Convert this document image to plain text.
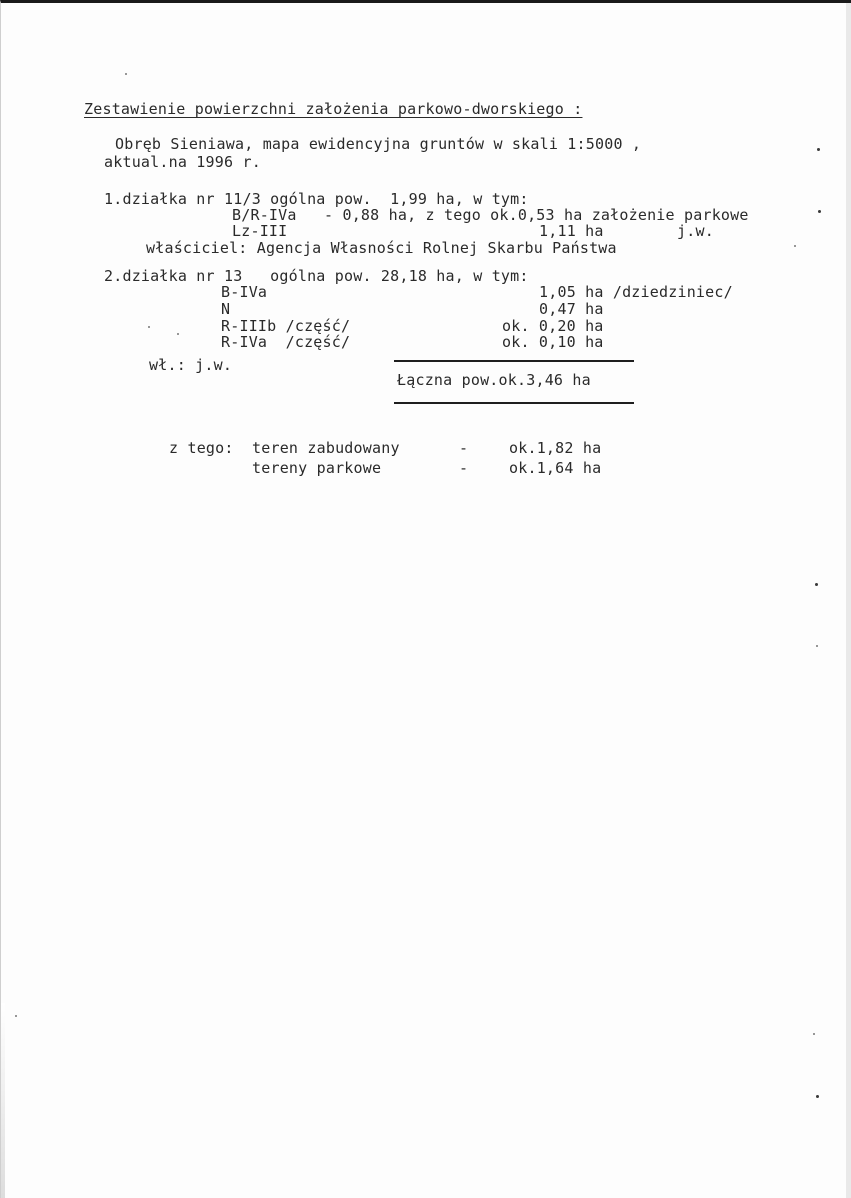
Zestawienie powierzchni założenia parkowo-dworskiego :
Obręb Sieniawa, mapa ewidencyjna gruntów w skali 1:5000 ,
aktual.na 1996 r.
1.działka nr 11/3 ogólna pow.  1,99 ha, w tym:
B/R-IVa - 0,88 ha, z tego ok.0,53 ha założenie parkowe
Lz-III	1,11 ha	j.w.
właściciel: Agencja Własności Rolnej Skarbu Państwa
2.działka nr 13   ogólna pow. 28,18 ha, w tym:
B-IVa	1,05 ha /dziedziniec/
N	0,47 ha
R-IIIb /część/	ok. 0,20 ha
R-IVa  /część/	ok. 0,10 ha
wł.: j.w.
Łączna pow.ok.3,46 ha
z tego: teren zabudowany	-	ok.1,82 ha
tereny parkowe	-	ok.1,64 ha
